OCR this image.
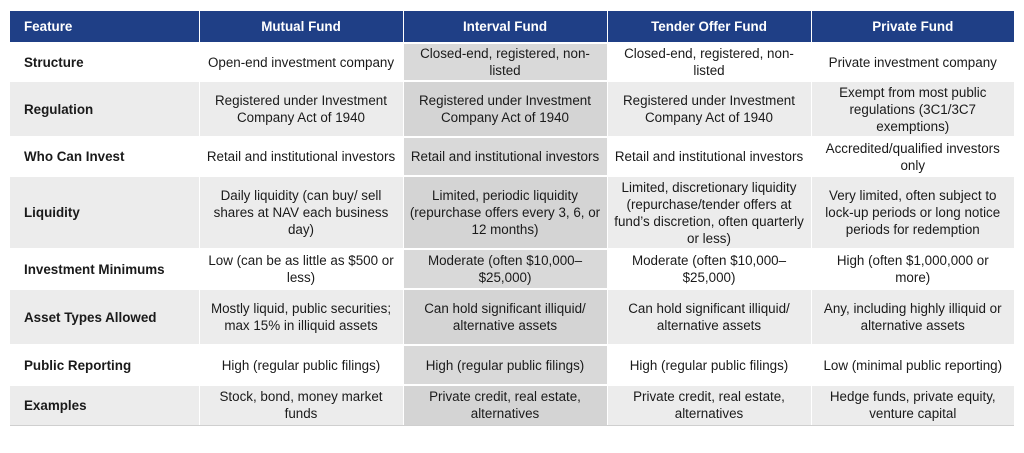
Feature	Mutual Fund	Interval Fund	Tender Offer Fund	Private Fund
Structure	Open-end investment company	Closed-end, registered, non-listed	Closed-end, registered, non-listed	Private investment company
Regulation	Registered under Investment Company Act of 1940	Registered under Investment Company Act of 1940	Registered under Investment Company Act of 1940	Exempt from most public regulations (3C1/3C7 exemptions)
Who Can Invest	Retail and institutional investors	Retail and institutional investors	Retail and institutional investors	Accredited/qualified investors only
Liquidity	Daily liquidity (can buy/ sell shares at NAV each business day)	Limited, periodic liquidity (repurchase offers every 3, 6, or 12 months)	Limited, discretionary liquidity (repurchase/tender offers at fund’s discretion, often quarterly or less)	Very limited, often subject to lock-up periods or long notice periods for redemption
Investment Minimums	Low (can be as little as $500 or less)	Moderate (often $10,000–$25,000)	Moderate (often $10,000–$25,000)	High (often $1,000,000 or more)
Asset Types Allowed	Mostly liquid, public securities; max 15% in illiquid assets	Can hold significant illiquid/ alternative assets	Can hold significant illiquid/ alternative assets	Any, including highly illiquid or alternative assets
Public Reporting	High (regular public filings)	High (regular public filings)	High (regular public filings)	Low (minimal public reporting)
Examples	Stock, bond, money market funds	Private credit, real estate, alternatives	Private credit, real estate, alternatives	Hedge funds, private equity, venture capital
